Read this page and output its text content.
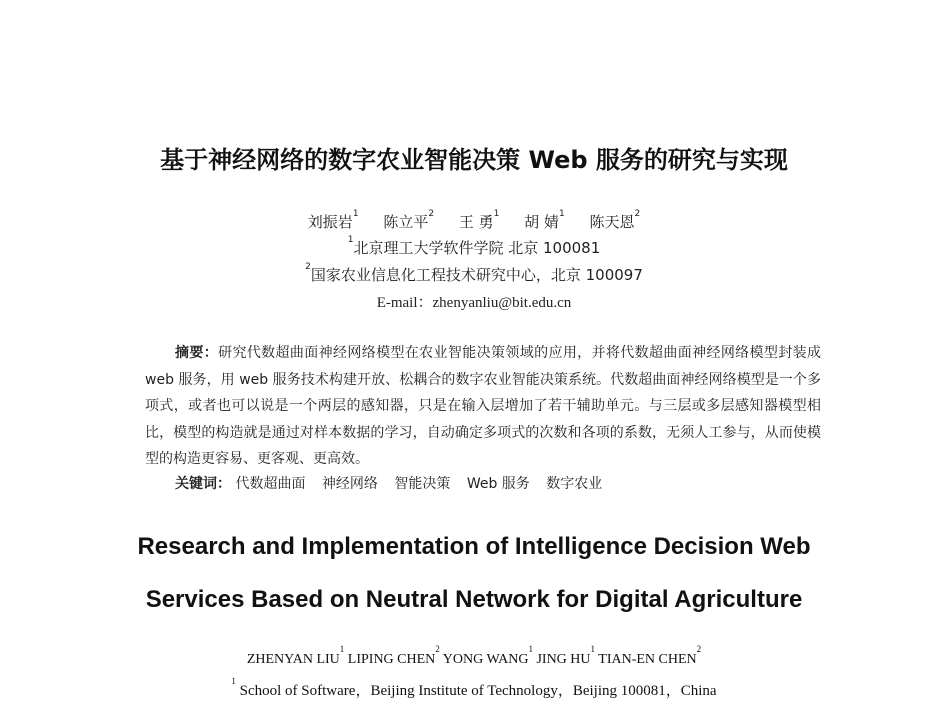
基于神经网络的数字农业智能决策 Web 服务的研究与实现
刘振岩$^1$ 陈立平$^2$ 王 勇$^1$ 胡 婧$^1$ 陈天恩$^2$
$^1$北京理工大学软件学院 北京 100081
$^2$国家农业信息化工程技术研究中心，北京 100097
E-mail：zhenyanliu@bit.edu.cn
摘要：研究代数超曲面神经网络模型在农业智能决策领域的应用，并将代数超曲面神经网络模型封装成 web 服务，用 web 服务技术构建开放、松耦合的数字农业智能决策系统。代数超曲面神经网络模型是一个多项式，或者也可以说是一个两层的感知器，只是在输入层增加了若干辅助单元。与三层或多层感知器模型相比，模型的构造就是通过对样本数据的学习，自动确定多项式的次数和各项的系数，无须人工参与，从而使模型的构造更容易、更客观、更高效。
关键词： 代数超曲面 神经网络 智能决策 Web 服务 数字农业
Research and Implementation of Intelligence Decision Web
Services Based on Neutral Network for Digital Agriculture
ZHENYAN LIU$^1$ LIPING CHEN$^2$ YONG WANG$^1$ JING $HU^1$ TIAN-EN CHEN$^2$
$^1$ School of Software，Beijing Institute of Technology，Beijing 100081，China
